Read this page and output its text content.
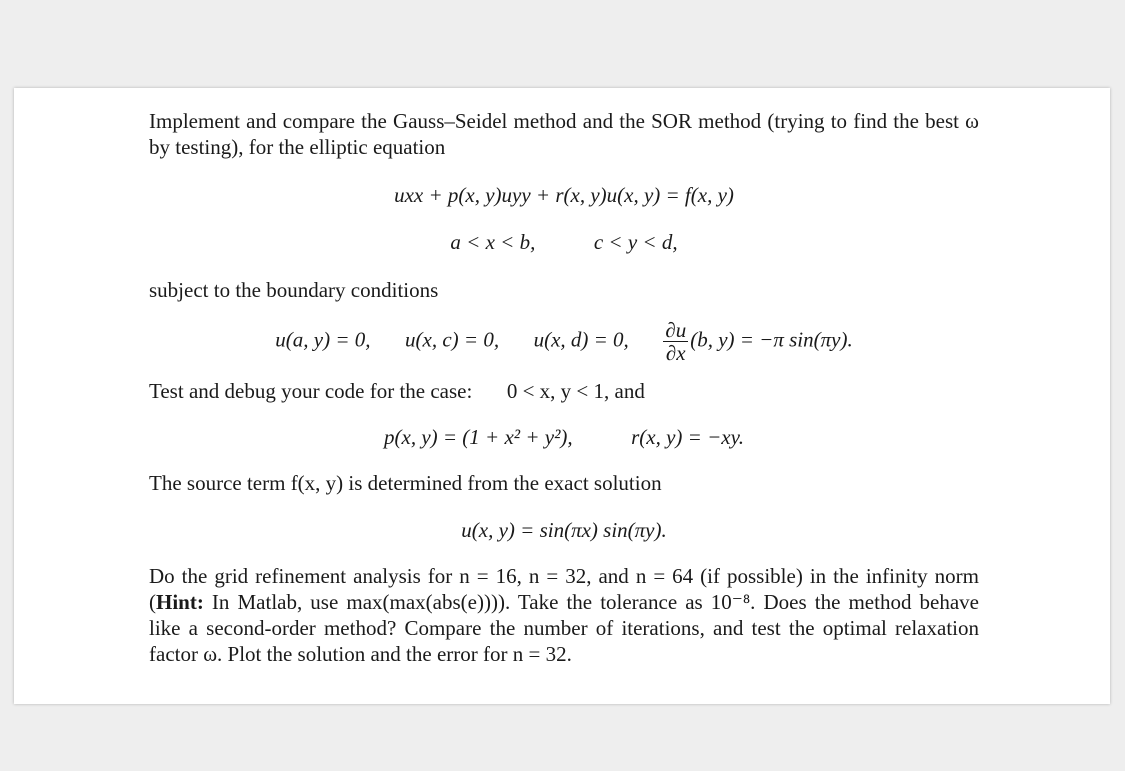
Implement and compare the Gauss–Seidel method and the SOR method (trying to find the best ω by testing), for the elliptic equation

uxx + p(x, y)uyy + r(x, y)u(x, y) = f(x, y)
a < x < b,	c < y < d,

subject to the boundary conditions

u(a, y) = 0, u(x, c) = 0, u(x, d) = 0, $\frac{\partial u}{\partial x} (b$, y) = −π sin(πy).

Test and debug your code for the case: 0 < x, y < 1, and

p(x, y) = (1 + x² + y²),	r(x, y) = −xy.

The source term f(x, y) is determined from the exact solution

u(x, y) = sin(πx) sin(πy).

Do the grid refinement analysis for n = 16, n = 32, and n = 64 (if possible) in the infinity norm (Hint: In Matlab, use max(max(abs(e)))). Take the tolerance as 10⁻⁸. Does the method behave like a second-order method? Compare the number of iterations, and test the optimal relaxation factor ω. Plot the solution and the error for n = 32.
